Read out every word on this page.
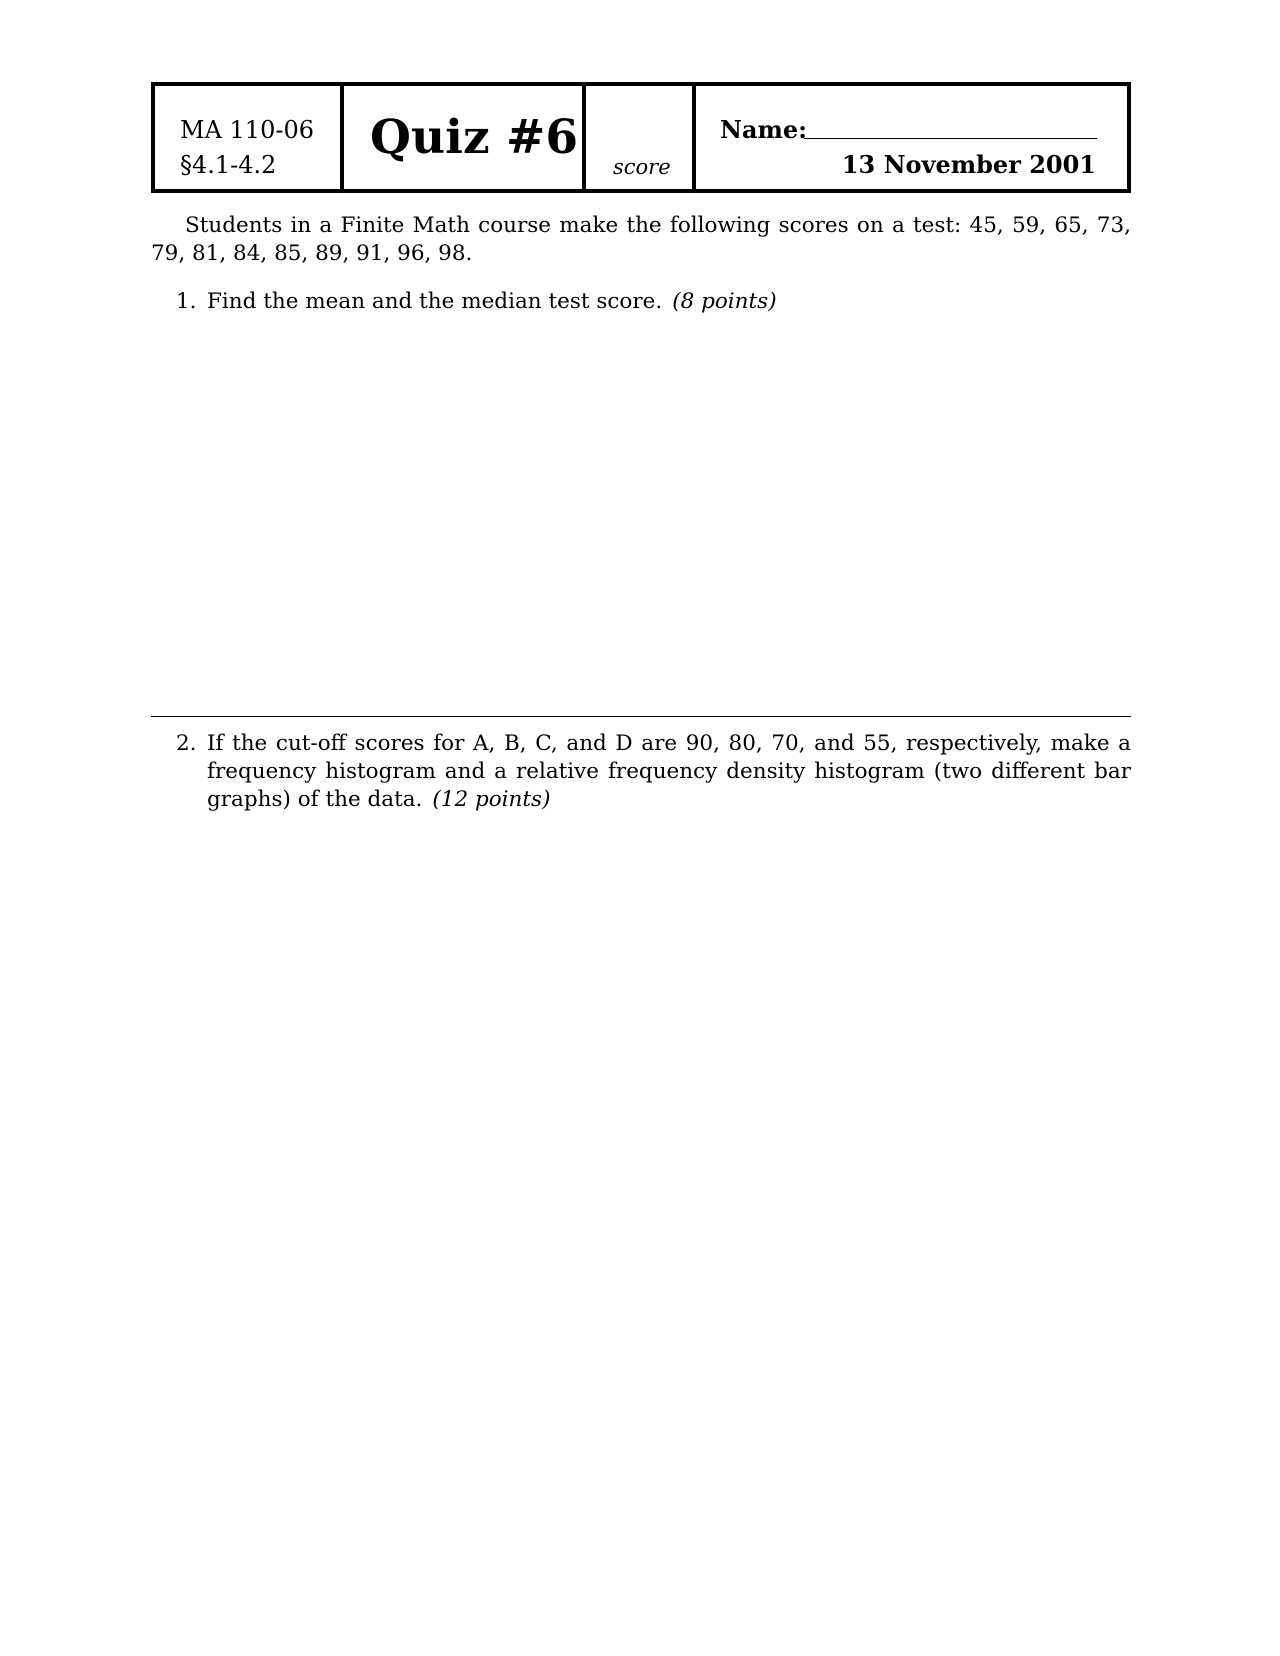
MA 110-06
§4.1-4.2 Quiz #6
score
Name:
13 November 2001

Students in a Finite Math course make the following scores on a test: 45, 59, 65, 73, 79, 81, 84, 85, 89, 91, 96, 98.

1. Find the mean and the median test score. (8 points)
2. If the cut-off scores for A, B, C, and D are 90, 80, 70, and 55, respectively, make a frequency histogram and a relative frequency density histogram (two different bar graphs) of the data. (12 points)
